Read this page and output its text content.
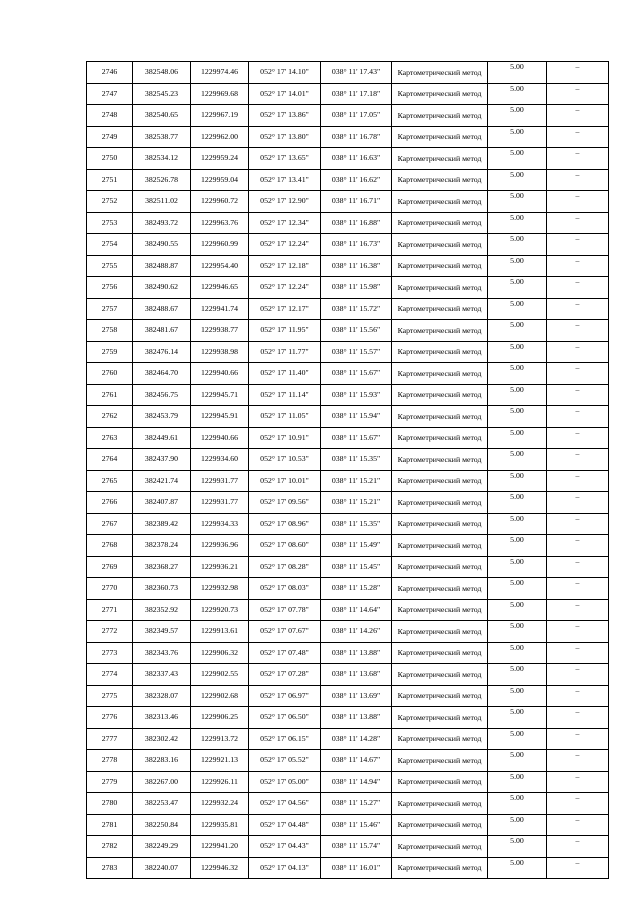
2746	382548.06	1229974.46	052° 17' 14.10"	038° 11' 17.43"	Картометрический метод	5.00	–
2747	382545.23	1229969.68	052° 17' 14.01"	038° 11' 17.18"	Картометрический метод	5.00	–
2748	382540.65	1229967.19	052° 17' 13.86"	038° 11' 17.05"	Картометрический метод	5.00	–
2749	382538.77	1229962.00	052° 17' 13.80"	038° 11' 16.78"	Картометрический метод	5.00	–
2750	382534.12	1229959.24	052° 17' 13.65"	038° 11' 16.63"	Картометрический метод	5.00	–
2751	382526.78	1229959.04	052° 17' 13.41"	038° 11' 16.62"	Картометрический метод	5.00	–
2752	382511.02	1229960.72	052° 17' 12.90"	038° 11' 16.71"	Картометрический метод	5.00	–
2753	382493.72	1229963.76	052° 17' 12.34"	038° 11' 16.88"	Картометрический метод	5.00	–
2754	382490.55	1229960.99	052° 17' 12.24"	038° 11' 16.73"	Картометрический метод	5.00	–
2755	382488.87	1229954.40	052° 17' 12.18"	038° 11' 16.38"	Картометрический метод	5.00	–
2756	382490.62	1229946.65	052° 17' 12.24"	038° 11' 15.98"	Картометрический метод	5.00	–
2757	382488.67	1229941.74	052° 17' 12.17"	038° 11' 15.72"	Картометрический метод	5.00	–
2758	382481.67	1229938.77	052° 17' 11.95"	038° 11' 15.56"	Картометрический метод	5.00	–
2759	382476.14	1229938.98	052° 17' 11.77"	038° 11' 15.57"	Картометрический метод	5.00	–
2760	382464.70	1229940.66	052° 17' 11.40"	038° 11' 15.67"	Картометрический метод	5.00	–
2761	382456.75	1229945.71	052° 17' 11.14"	038° 11' 15.93"	Картометрический метод	5.00	–
2762	382453.79	1229945.91	052° 17' 11.05"	038° 11' 15.94"	Картометрический метод	5.00	–
2763	382449.61	1229940.66	052° 17' 10.91"	038° 11' 15.67"	Картометрический метод	5.00	–
2764	382437.90	1229934.60	052° 17' 10.53"	038° 11' 15.35"	Картометрический метод	5.00	–
2765	382421.74	1229931.77	052° 17' 10.01"	038° 11' 15.21"	Картометрический метод	5.00	–
2766	382407.87	1229931.77	052° 17' 09.56"	038° 11' 15.21"	Картометрический метод	5.00	–
2767	382389.42	1229934.33	052° 17' 08.96"	038° 11' 15.35"	Картометрический метод	5.00	–
2768	382378.24	1229936.96	052° 17' 08.60"	038° 11' 15.49"	Картометрический метод	5.00	–
2769	382368.27	1229936.21	052° 17' 08.28"	038° 11' 15.45"	Картометрический метод	5.00	–
2770	382360.73	1229932.98	052° 17' 08.03"	038° 11' 15.28"	Картометрический метод	5.00	–
2771	382352.92	1229920.73	052° 17' 07.78"	038° 11' 14.64"	Картометрический метод	5.00	–
2772	382349.57	1229913.61	052° 17' 07.67"	038° 11' 14.26"	Картометрический метод	5.00	–
2773	382343.76	1229906.32	052° 17' 07.48"	038° 11' 13.88"	Картометрический метод	5.00	–
2774	382337.43	1229902.55	052° 17' 07.28"	038° 11' 13.68"	Картометрический метод	5.00	–
2775	382328.07	1229902.68	052° 17' 06.97"	038° 11' 13.69"	Картометрический метод	5.00	–
2776	382313.46	1229906.25	052° 17' 06.50"	038° 11' 13.88"	Картометрический метод	5.00	–
2777	382302.42	1229913.72	052° 17' 06.15"	038° 11' 14.28"	Картометрический метод	5.00	–
2778	382283.16	1229921.13	052° 17' 05.52"	038° 11' 14.67"	Картометрический метод	5.00	–
2779	382267.00	1229926.11	052° 17' 05.00"	038° 11' 14.94"	Картометрический метод	5.00	–
2780	382253.47	1229932.24	052° 17' 04.56"	038° 11' 15.27"	Картометрический метод	5.00	–
2781	382250.84	1229935.81	052° 17' 04.48"	038° 11' 15.46"	Картометрический метод	5.00	–
2782	382249.29	1229941.20	052° 17' 04.43"	038° 11' 15.74"	Картометрический метод	5.00	–
2783	382240.07	1229946.32	052° 17' 04.13"	038° 11' 16.01"	Картометрический метод	5.00	–
